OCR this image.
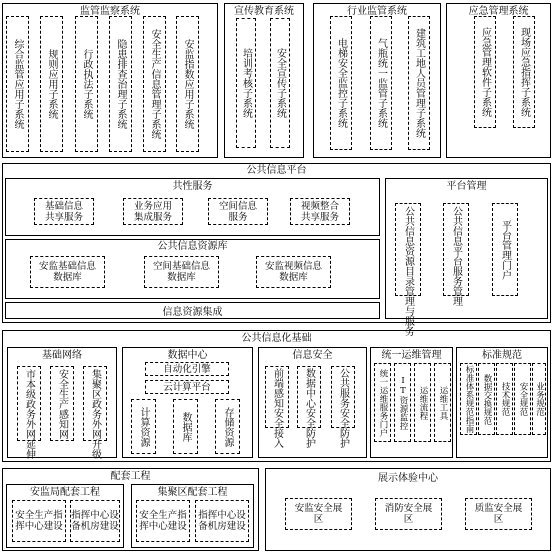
监管监察系统
综合监管应用子系统 规则应用子系统 行政执法子系统 隐患排查治理子系统 安全生产信息管理子系统 安监指数应用子系统
宣传教育系统
培训考核子系统 安全宣传子系统
行业监管系统
电梯安全监控子系统	气瓶统一监管子系统	建筑工地人员管理子系统
应急管理系统
应急管理软件子系统	现场应急指挥子系统
公共信息平台
共性服务
基础信息共享服务
业务应用集成服务
空间信息服务
视频整合共享服务
公共信息资源库
安监基础信息数据库
空间基础信息数据库
安监视频信息数据库
信息资源集成
平台管理
公共信息资源目录管理与服务	公共信息平台服务管理	平台管理门户
公共信息化基础
基础网络
市本级政务外网延伸 安全生产感知网 集聚区政务外网升级
数据中心
自动化引擎
云计算平台
计算资源	数据库	存储资源
信息安全
前端感知安全接入 数据中心安全防护 公共服务安全防护
统一运维管理
统一运维服务门户 IT资源监控 运维流程 运维工具
标准规范
标准体系规范指南 数据交换规范 技术规范 安全规范 业务规范
配套工程
安监局配套工程
安全生产指挥中心建设
指挥中心设备机房建设
集聚区配套工程
安全生产指挥中心建设
指挥中心设备机房建设
展示体验中心
安监安全展区
消防安全展区
质监安全展区
